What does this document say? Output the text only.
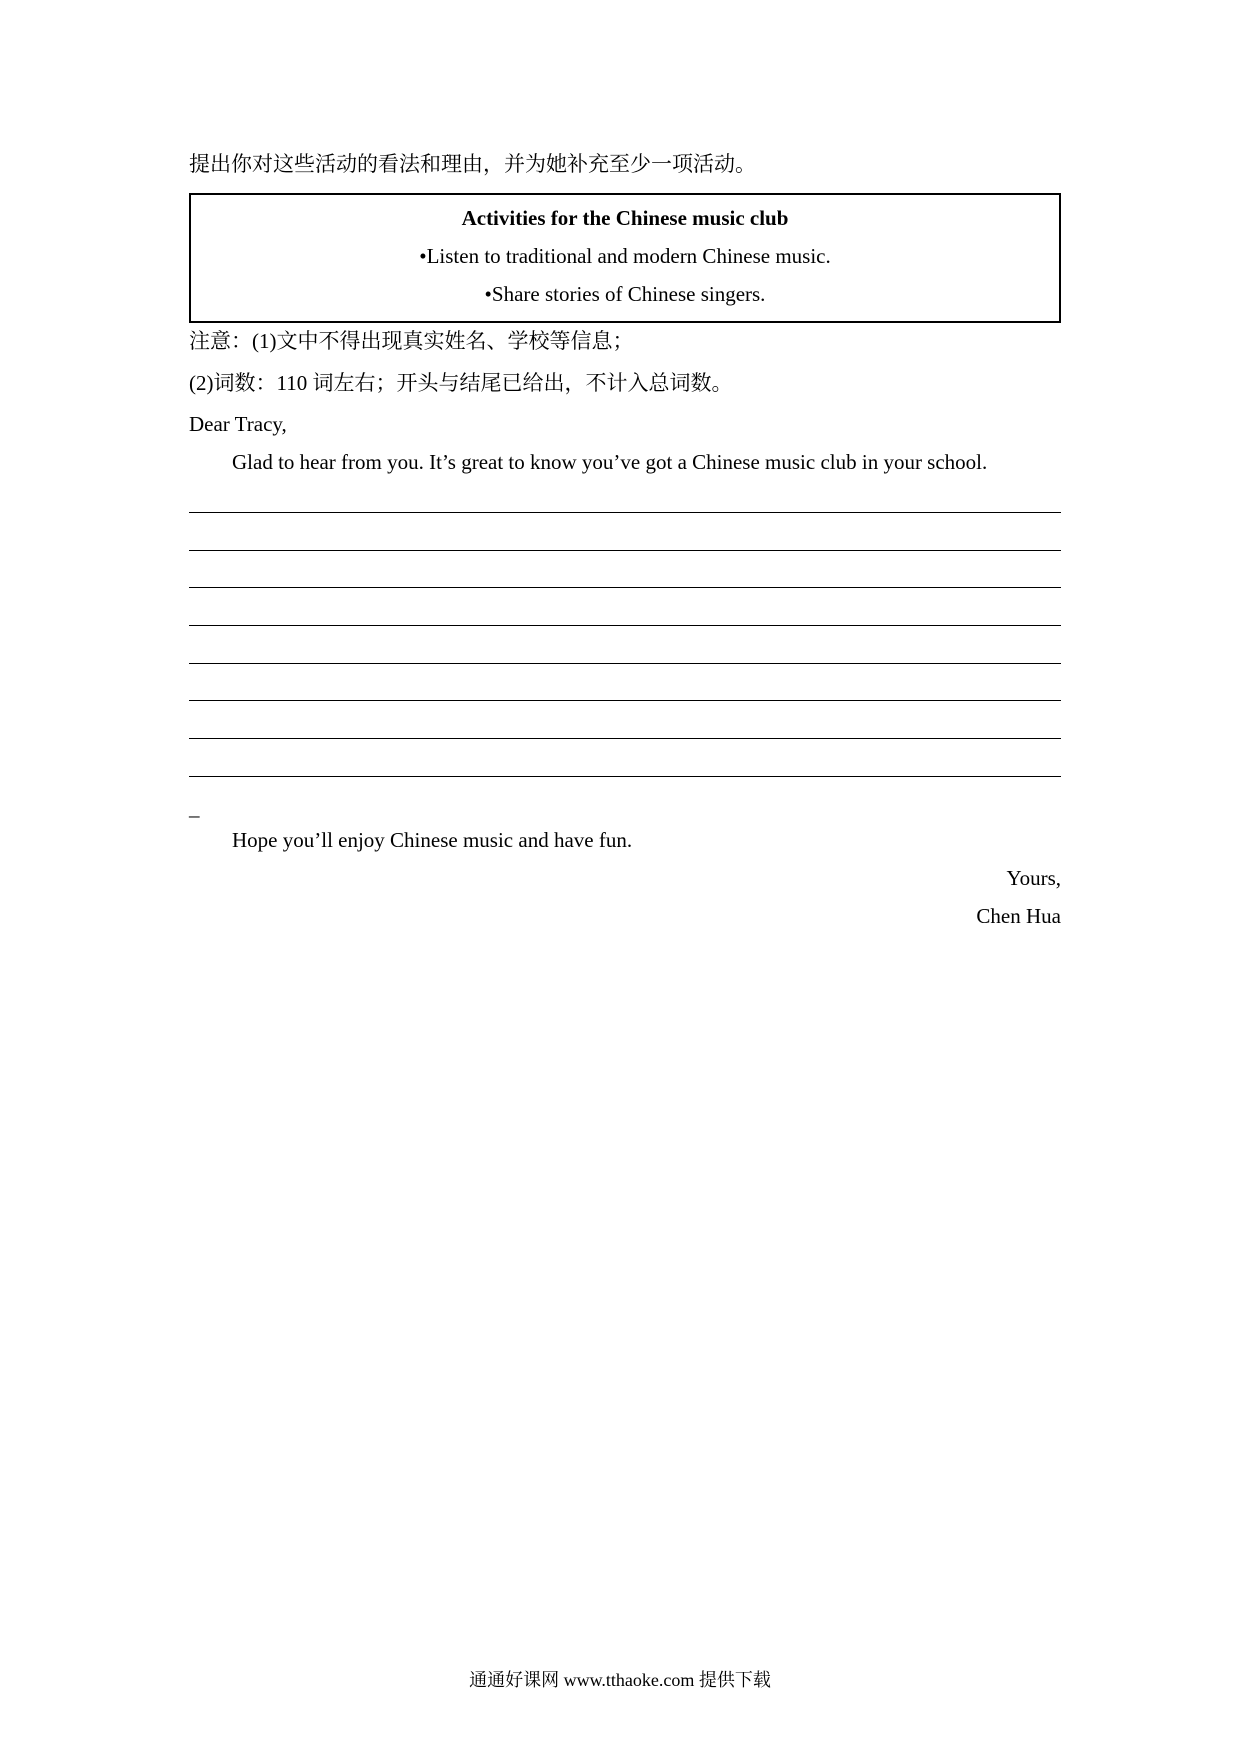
提出你对这些活动的看法和理由，并为她补充至少一项活动。
Activities for the Chinese music club
•Listen to traditional and modern Chinese music.
•Share stories of Chinese singers.
注意：(1)文中不得出现真实姓名、学校等信息；
(2)词数：110 词左右；开头与结尾已给出，不计入总词数。
Dear Tracy,
Glad to hear from you. It’s great to know you’ve got a Chinese music club in your school.
_
Hope you’ll enjoy Chinese music and have fun.
Yours,
Chen Hua
通通好课网 www.tthaoke.com 提供下载
